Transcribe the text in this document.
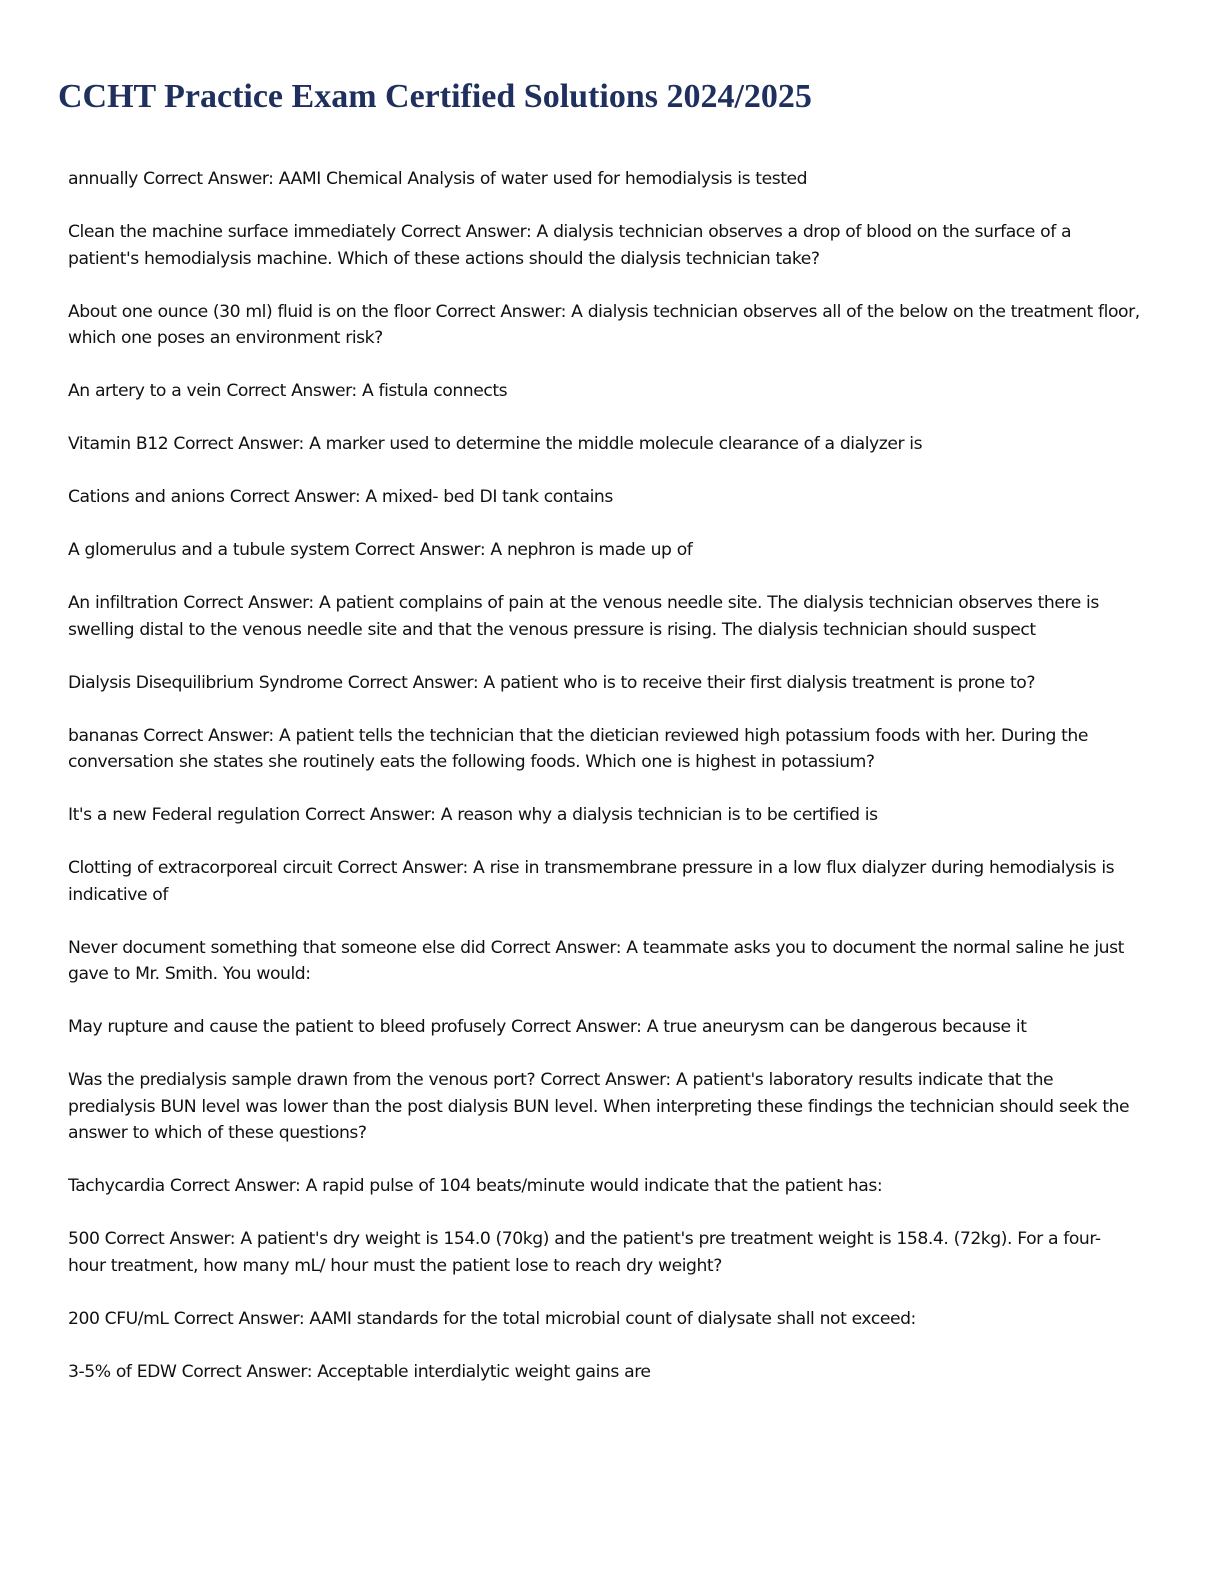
CCHT Practice Exam Certified Solutions 2024/2025
annually Correct Answer: AAMI Chemical Analysis of water used for hemodialysis is tested
Clean the machine surface immediately Correct Answer: A dialysis technician observes a drop of blood on the surface of a patient's hemodialysis machine. Which of these actions should the dialysis technician take?
About one ounce (30 ml) fluid is on the floor Correct Answer: A dialysis technician observes all of the below on the treatment floor, which one poses an environment risk?
An artery to a vein Correct Answer: A fistula connects
Vitamin B12 Correct Answer: A marker used to determine the middle molecule clearance of a dialyzer is
Cations and anions Correct Answer: A mixed- bed DI tank contains
A glomerulus and a tubule system Correct Answer: A nephron is made up of
An infiltration Correct Answer: A patient complains of pain at the venous needle site. The dialysis technician observes there is swelling distal to the venous needle site and that the venous pressure is rising. The dialysis technician should suspect
Dialysis Disequilibrium Syndrome Correct Answer: A patient who is to receive their first dialysis treatment is prone to?
bananas Correct Answer: A patient tells the technician that the dietician reviewed high potassium foods with her. During the conversation she states she routinely eats the following foods. Which one is highest in potassium?
It's a new Federal regulation Correct Answer: A reason why a dialysis technician is to be certified is
Clotting of extracorporeal circuit Correct Answer: A rise in transmembrane pressure in a low flux dialyzer during hemodialysis is indicative of
Never document something that someone else did Correct Answer: A teammate asks you to document the normal saline he just gave to Mr. Smith. You would:
May rupture and cause the patient to bleed profusely Correct Answer: A true aneurysm can be dangerous because it
Was the predialysis sample drawn from the venous port? Correct Answer: A patient's laboratory results indicate that the predialysis BUN level was lower than the post dialysis BUN level. When interpreting these findings the technician should seek the answer to which of these questions?
Tachycardia Correct Answer: A rapid pulse of 104 beats/minute would indicate that the patient has:
500 Correct Answer: A patient's dry weight is 154.0 (70kg) and the patient's pre treatment weight is 158.4. (72kg). For a four- hour treatment, how many mL/ hour must the patient lose to reach dry weight?
200 CFU/mL Correct Answer: AAMI standards for the total microbial count of dialysate shall not exceed:
3-5% of EDW Correct Answer: Acceptable interdialytic weight gains are
